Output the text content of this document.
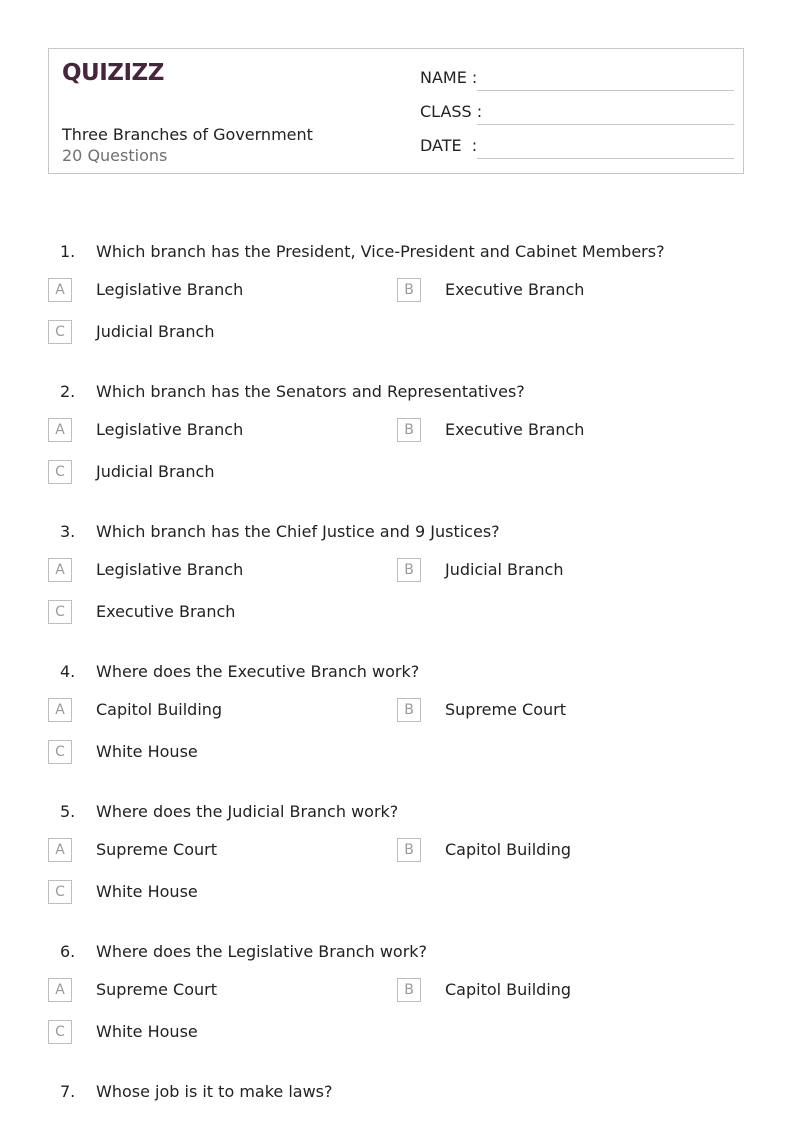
QUIZIZZ
Three Branches of Government
20 Questions
NAME :
CLASS :
DATE  :
1. Which branch has the President, Vice-President and Cabinet Members?
A	Legislative Branch	B	Executive Branch
C	Judicial Branch
2. Which branch has the Senators and Representatives?
A	Legislative Branch	B	Executive Branch
C	Judicial Branch
3. Which branch has the Chief Justice and 9 Justices?
A	Legislative Branch	B	Judicial Branch
C	Executive Branch
4. Where does the Executive Branch work?
A	Capitol Building	B	Supreme Court
C	White House
5. Where does the Judicial Branch work?
A	Supreme Court	B	Capitol Building
C	White House
6. Where does the Legislative Branch work?
A	Supreme Court	B	Capitol Building
C	White House
7. Whose job is it to make laws?
